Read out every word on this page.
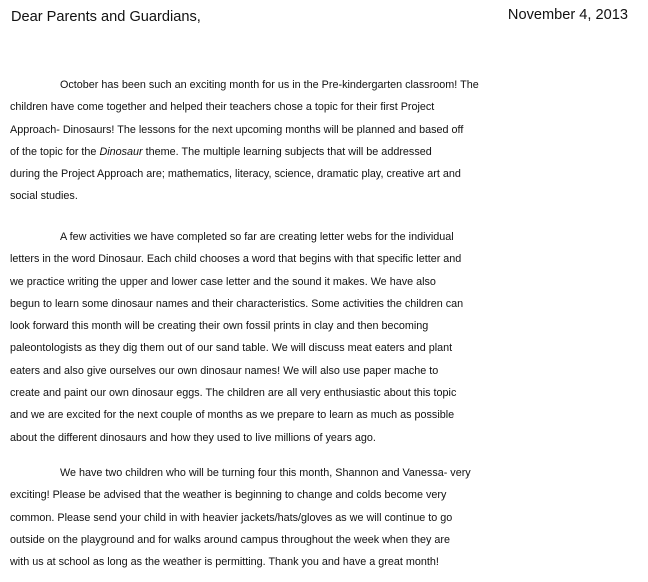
Dear Parents and Guardians,	November 4, 2013

October has been such an exciting month for us in the Pre-kindergarten classroom! The
children have come together and helped their teachers chose a topic for their first Project
Approach- Dinosaurs! The lessons for the next upcoming months will be planned and based off
of the topic for the Dinosaur theme. The multiple learning subjects that will be addressed
during the Project Approach are; mathematics, literacy, science, dramatic play, creative art and
social studies.

A few activities we have completed so far are creating letter webs for the individual
letters in the word Dinosaur. Each child chooses a word that begins with that specific letter and
we practice writing the upper and lower case letter and the sound it makes. We have also
begun to learn some dinosaur names and their characteristics. Some activities the children can
look forward this month will be creating their own fossil prints in clay and then becoming
paleontologists as they dig them out of our sand table. We will discuss meat eaters and plant
eaters and also give ourselves our own dinosaur names! We will also use paper mache to
create and paint our own dinosaur eggs. The children are all very enthusiastic about this topic
and we are excited for the next couple of months as we prepare to learn as much as possible
about the different dinosaurs and how they used to live millions of years ago.

We have two children who will be turning four this month, Shannon and Vanessa- very
exciting! Please be advised that the weather is beginning to change and colds become very
common. Please send your child in with heavier jackets/hats/gloves as we will continue to go
outside on the playground and for walks around campus throughout the week when they are
with us at school as long as the weather is permitting. Thank you and have a great month!
